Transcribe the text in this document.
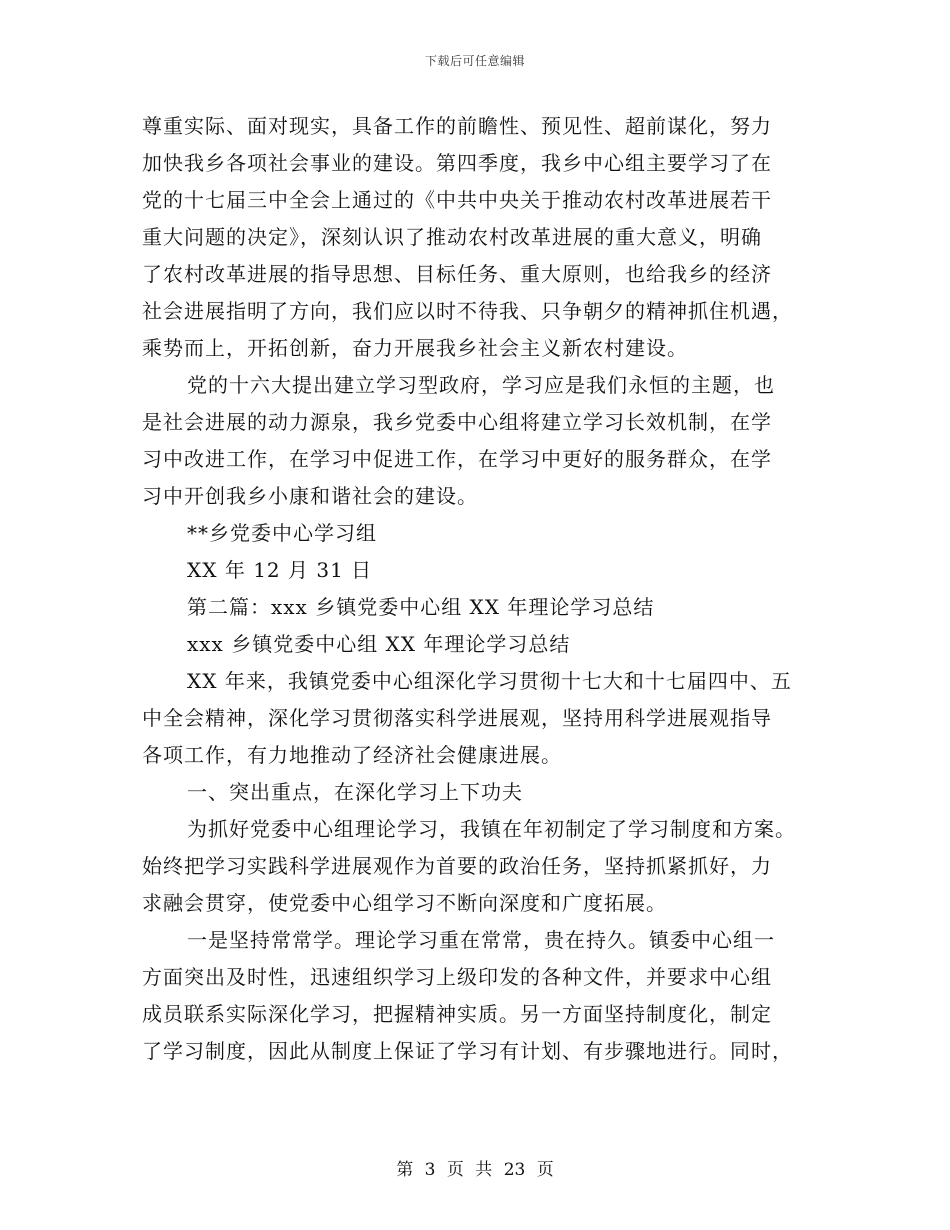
下载后可任意编辑
尊重实际、面对现实，具备工作的前瞻性、预见性、超前谋化，努力
加快我乡各项社会事业的建设。第四季度，我乡中心组主要学习了在
党的十七届三中全会上通过的《中共中央关于推动农村改革进展若干
重大问题的决定》，深刻认识了推动农村改革进展的重大意义，明确
了农村改革进展的指导思想、目标任务、重大原则，也给我乡的经济
社会进展指明了方向，我们应以时不待我、只争朝夕的精神抓住机遇，
乘势而上，开拓创新，奋力开展我乡社会主义新农村建设。
党的十六大提出建立学习型政府，学习应是我们永恒的主题，也
是社会进展的动力源泉，我乡党委中心组将建立学习长效机制，在学
习中改进工作，在学习中促进工作，在学习中更好的服务群众，在学
习中开创我乡小康和谐社会的建设。
**乡党委中心学习组
XX 年 12 月 31 日
第二篇：xxx 乡镇党委中心组 XX 年理论学习总结
xxx 乡镇党委中心组 XX 年理论学习总结
XX 年来，我镇党委中心组深化学习贯彻十七大和十七届四中、五
中全会精神，深化学习贯彻落实科学进展观，坚持用科学进展观指导
各项工作，有力地推动了经济社会健康进展。
一、突出重点，在深化学习上下功夫
为抓好党委中心组理论学习，我镇在年初制定了学习制度和方案。
始终把学习实践科学进展观作为首要的政治任务，坚持抓紧抓好，力
求融会贯穿，使党委中心组学习不断向深度和广度拓展。
一是坚持常常学。理论学习重在常常，贵在持久。镇委中心组一
方面突出及时性，迅速组织学习上级印发的各种文件，并要求中心组
成员联系实际深化学习，把握精神实质。另一方面坚持制度化，制定
了学习制度，因此从制度上保证了学习有计划、有步骤地进行。同时，
第 3 页 共 23 页
